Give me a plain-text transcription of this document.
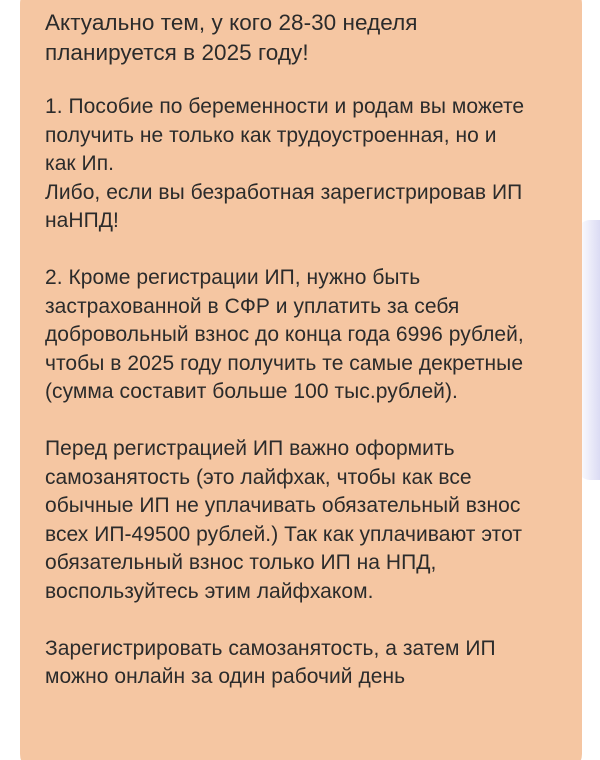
Актуально тем, у кого 28-30 неделя
планируется в 2025 году!
1. Пособие по беременности и родам вы можете
получить не только как трудоустроенная, но и
как Ип.
Либо, если вы безработная зарегистрировав ИП
наНПД!
2. Кроме регистрации ИП, нужно быть
застрахованной в СФР и уплатить за себя
добровольный взнос до конца года 6996 рублей,
чтобы в 2025 году получить те самые декретные
(сумма составит больше 100 тыс.рублей).
Перед регистрацией ИП важно оформить
самозанятость (это лайфхак, чтобы как все
обычные ИП не уплачивать обязательный взнос
всех ИП-49500 рублей.) Так как уплачивают этот
обязательный взнос только ИП на НПД,
воспользуйтесь этим лайфхаком.
Зарегистрировать самозанятость, а затем ИП
можно онлайн за один рабочий день
